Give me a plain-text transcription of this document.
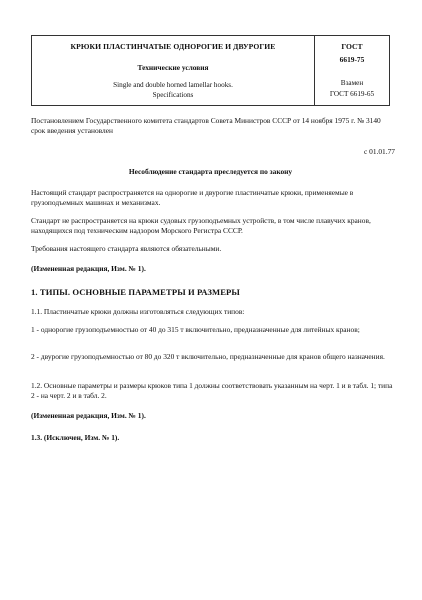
КРЮКИ ПЛАСТИНЧАТЫЕ ОДНОРОГИЕ И ДВУРОГИЕ
Технические условия
Single and double horned lamellar hooks.
Specifications
ГОСТ
6619-75
Взамен
ГОСТ 6619-65
Постановлением Государственного комитета стандартов Совета Министров СССР от 14 ноября 1975 г. № 3140 срок введения установлен
с 01.01.77
Несоблюдение стандарта преследуется по закону
Настоящий стандарт распространяется на однорогие и двурогие пластинчатые крюки, применяемые в грузоподъемных машинах и механизмах.
Стандарт не распространяется на крюки судовых грузоподъемных устройств, в том числе плавучих кранов, находящихся под техническим надзором Морского Регистра СССР.
Требования настоящего стандарта являются обязательными.
(Измененная редакция, Изм. № 1).
1. ТИПЫ. ОСНОВНЫЕ ПАРАМЕТРЫ И РАЗМЕРЫ
1.1. Пластинчатые крюки должны изготовляться следующих типов:
1 - однорогие грузоподъемностью от 40 до 315 т включительно, предназначенные для литейных кранов;
2 - двурогие грузоподъемностью от 80 до 320 т включительно, предназначенные для кранов общего назначения.
1.2. Основные параметры и размеры крюков типа 1 должны соответствовать указанным на черт. 1 и в табл. 1; типа 2 - на черт. 2 и в табл. 2.
(Измененная редакция, Изм. № 1).
1.3. (Исключен, Изм. № 1).
